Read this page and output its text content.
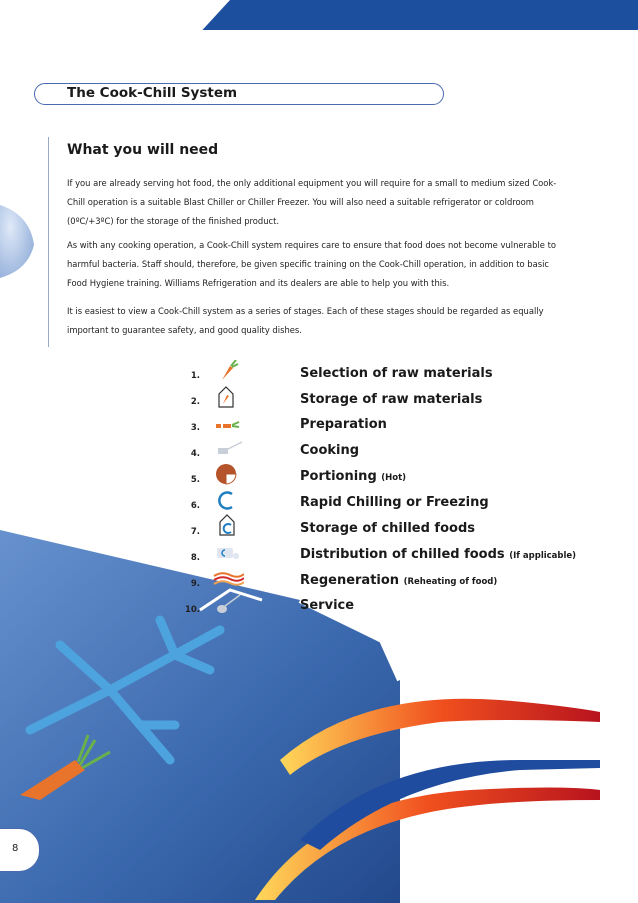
The Cook-Chill System
What you will need
If you are already serving hot food, the only additional equipment you will require for a small to medium sized Cook-Chill operation is a suitable Blast Chiller or Chiller Freezer. You will also need a suitable refrigerator or coldroom (0ºC/+3ºC) for the storage of the finished product.
As with any cooking operation, a Cook-Chill system requires care to ensure that food does not become vulnerable to harmful bacteria. Staff should, therefore, be given specific training on the Cook-Chill operation, in addition to basic Food Hygiene training. Williams Refrigeration and its dealers are able to help you with this.
It is easiest to view a Cook-Chill system as a series of stages. Each of these stages should be regarded as equally important to guarantee safety, and good quality dishes.
1.	Selection of raw materials
2.	Storage of raw materials
3.	Preparation
4.	Cooking
5.	Portioning (Hot)
6.	Rapid Chilling or Freezing
7.	Storage of chilled foods
8.	Distribution of chilled foods (If applicable)
9.	Regeneration (Reheating of food)
10.	Service
8
